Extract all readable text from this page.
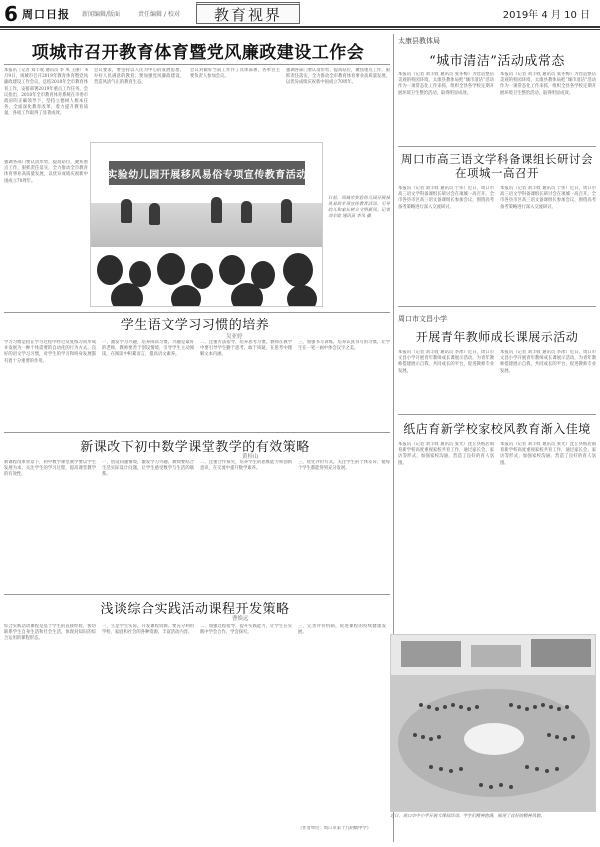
6 周口日报 新闻编辑/版面	责任编辑 / 校对	教育视界	2019年 4 月 10 日
项城市召开教育体育暨党风廉政建设工作会
本报讯（记者 刘丰收 通讯员 李 凤 王丽） 4月9日，项城市召开2019年教育体育暨党风廉政建设工作会议，总结2018年全市教育体育工作，安排部署2019年重点工作任务。会议指出，2018年全市教育体育系统在市委市政府的正确领导下，坚持立德树人根本任务，全面深化教育改革，着力提升教育质量，各项工作取得了显著成效。
强调各部门要认清形势，提高站位，聚焦重点工作，狠抓责任落实，全力推动全市教育体育事业高质量发展，以优异成绩庆祝新中国成立70周年。
会议要求，要坚持以人民为中心的发展思想，办好人民满意的教育；要加强党风廉政建设，营造风清气正的教育生态。
会议对做好当前工作作了具体部署，各单位主要负责人参加会议。
强调各部门要认清形势，提高站位，聚焦重点工作，狠抓责任落实，全力推动全市教育体育事业高质量发展，以优异成绩庆祝新中国成立70周年。
实验幼儿园开展移风易俗专项宣传教育活动
日前，项城市实验幼儿园开展移风易俗专项宣传教育活动，引导幼儿和家长树立文明新风。记者 刘丰收 通讯员 李凤 摄
学生语文学习习惯的培养
吴亚婷
学习习惯是指在学习过程中经过反复练习而形成并发展为一种个体需要的自动化的行为方式。良好的语文学习习惯，对学生的学习和终身发展都有着十分重要的作用。
一、激发学习兴趣，培养阅读习惯。兴趣是最好的老师，教师要善于创设情境，引导学生主动阅读，在阅读中积累语言，提高语文素养。
二、注重方法指导，培养思考习惯。教师在教学中要引导学生勤于思考，敢于质疑，在思考中理解文本内涵。
三、加强书写训练，培养认真书写的习惯，让学生在一笔一画中体会汉字之美。
新课改下初中数学课堂教学的有效策略
黄桂山
新课程改革背景下，初中数学课堂教学要以学生发展为本，关注学生的学习过程，提高课堂教学的有效性。
一、创设问题情境，激发学习兴趣。教师要结合生活实际设计问题，让学生感受数学与生活的联系。
二、注重合作探究，培养学生的思维能力和创新意识，在交流中提升数学素养。
三、优化评价方式，关注学生的个体差异，使每个学生都能得到充分发展。
浅谈综合实践活动课程开发策略
曹焕远
综合实践活动课程是基于学生的直接经验，密切联系学生自身生活和社会生活，体现对知识的综合运用的课程形态。
一、立足学生实际，开发课程资源。要充分利用学校、家庭和社会的各种资源，丰富活动内容。
二、加强过程指导，提升实践能力，让学生在实践中学会合作、学会探究。
三、完善评价机制，促进课程的持续健康发展。
（作者单位：周口市第十九初级中学）
太康县教体局
“城市清洁”活动成常态
本报讯（记者 刘丰收 通讯员 张冬梅）为营造整洁美观的校园环境，太康县教体局把“城市清洁”活动作为一项常态化工作来抓，组织全县各学校定期开展环境卫生整治活动，取得明显成效。
本报讯（记者 刘丰收 通讯员 张冬梅）为营造整洁美观的校园环境，太康县教体局把“城市清洁”活动作为一项常态化工作来抓，组织全县各学校定期开展环境卫生整治活动，取得明显成效。
周口市高三语文学科备课组长研讨会在项城一高召开
本报讯（记者 刘丰收 通讯员 于伟）近日，周口市高三语文学科备课组长研讨会在项城一高召开。全市各县市区高三语文备课组长参加会议，围绕高考备考策略进行深入交流研讨。
本报讯（记者 刘丰收 通讯员 于伟）近日，周口市高三语文学科备课组长研讨会在项城一高召开。全市各县市区高三语文备课组长参加会议，围绕高考备考策略进行深入交流研讨。
周口市文昌小学
开展青年教师成长课展示活动
本报讯（记者 刘丰收 通讯员 李冰）近日，周口市文昌小学开展青年教师成长课展示活动，为青年教师搭建展示自我、共同成长的平台，促进教师专业发展。
本报讯（记者 刘丰收 通讯员 李冰）近日，周口市文昌小学开展青年教师成长课展示活动，为青年教师搭建展示自我、共同成长的平台，促进教师专业发展。
纸店育新学校家校风教育渐入佳境
本报讯（记者 刘丰收 通讯员 张光）沈丘县纸店镇育新学校高度重视家校共育工作，通过家长会、家访等形式，加强家校沟通，营造了良好的育人氛围。
本报讯（记者 刘丰收 通讯员 张光）沈丘县纸店镇育新学校高度重视家校共育工作，通过家长会、家访等形式，加强家校沟通，营造了良好的育人氛围。
近日，周口市中小学开展大课间活动，学生们精神饱满，展现了良好的精神风貌。
